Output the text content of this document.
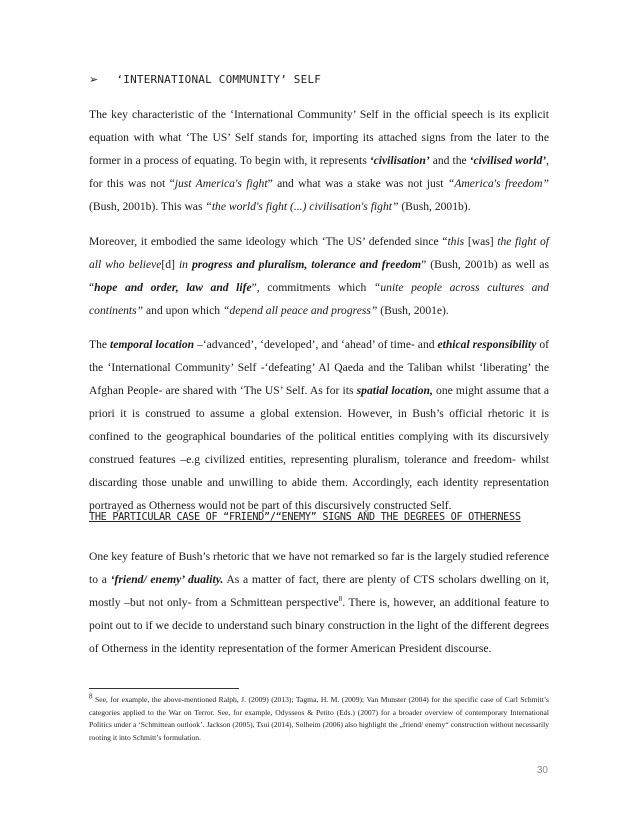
➢ ‘INTERNATIONAL COMMUNITY’ SELF

The key characteristic of the ‘International Community’ Self in the official speech is its explicit equation with what ‘The US’ Self stands for, importing its attached signs from the later to the former in a process of equating. To begin with, it represents ‘civilisation’ and the ‘civilised world’, for this was not “just America's fight” and what was a stake was not just “America's freedom” (Bush, 2001b). This was “the world's fight (...) civilisation's fight” (Bush, 2001b).

Moreover, it embodied the same ideology which ‘The US’ defended since “this [was] the fight of all who believe[d] in progress and pluralism, tolerance and freedom” (Bush, 2001b) as well as “hope and order, law and life”, commitments which “unite people across cultures and continents” and upon which “depend all peace and progress” (Bush, 2001e).

The temporal location –‘advanced’, ‘developed’, and ‘ahead’ of time- and ethical responsibility of the ‘International Community’ Self -‘defeating’ Al Qaeda and the Taliban whilst ‘liberating’ the Afghan People- are shared with ‘The US’ Self. As for its spatial location, one might assume that a priori it is construed to assume a global extension. However, in Bush’s official rhetoric it is confined to the geographical boundaries of the political entities complying with its discursively construed features –e.g civilized entities, representing pluralism, tolerance and freedom- whilst discarding those unable and unwilling to abide them. Accordingly, each identity representation portrayed as Otherness would not be part of this discursively constructed Self.

THE PARTICULAR CASE OF “FRIEND”/“ENEMY” SIGNS AND THE DEGREES OF OTHERNESS

One key feature of Bush’s rhetoric that we have not remarked so far is the largely studied reference to a ‘friend/ enemy’ duality. As a matter of fact, there are plenty of CTS scholars dwelling on it, mostly –but not only- from a Schmittean perspective$^8$. There is, however, an additional feature to point out to if we decide to understand such binary construction in the light of the different degrees of Otherness in the identity representation of the former American President discourse.

$^8$ See, for example, the above-mentioned Ralph, J. (2009) (2013); Tagma, H. M. (2009); Van Munster (2004) for the specific case of Carl Schmitt’s categories applied to the War on Terror. See, for example, Odysseos & Petito (Eds.) (2007) for a broader overview of contemporary International Politics under a ‘Schmittean outlook’. Jackson (2005), Tsui (2014), Solheim (2006) also highlight the „friend/ enemy“ construction without necessarily rooting it into Schmitt’s formulation.
30
